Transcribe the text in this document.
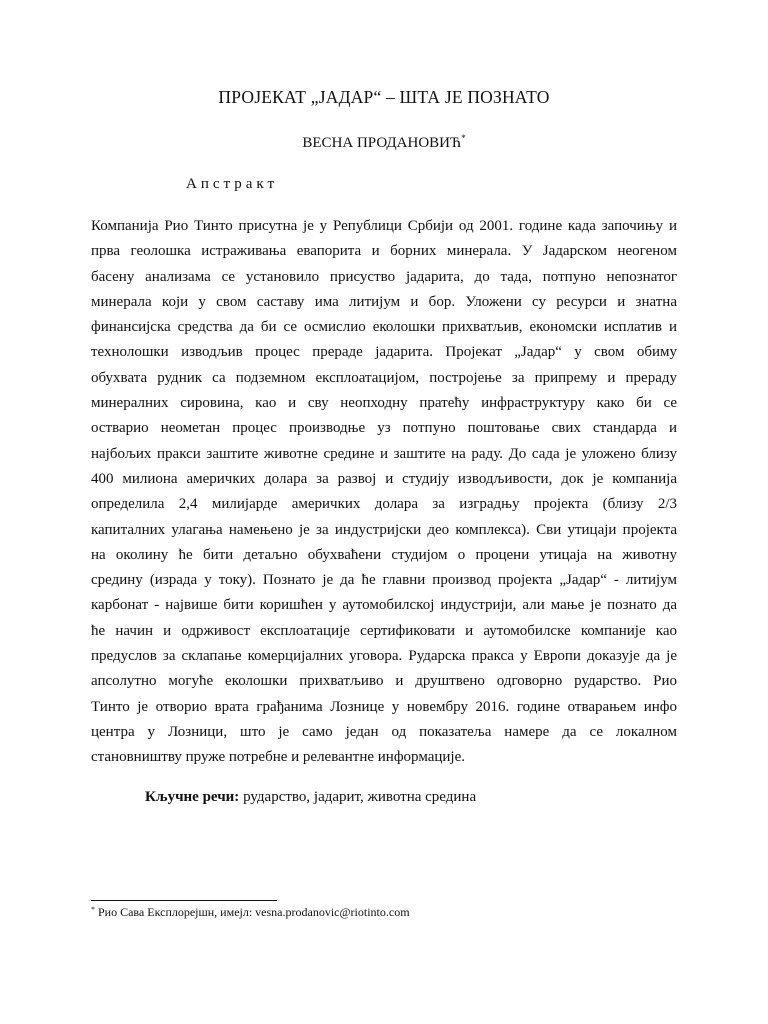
ПРОЈЕКАТ „ЈАДАР“ – ШТА ЈЕ ПОЗНАТО
ВЕСНА ПРОДАНОВИЋ*
Апстракт
Компанија Рио Тинто присутна је у Републици Србији од 2001. године када започињу и
прва геолошка истраживања евапорита и борних минерала. У Јадарском неогеном
басену анализама се установило присуство јадарита, до тада, потпуно непознатог
минерала који у свом саставу има литијум и бор. Уложени су ресурси и знатна
финансијска средства да би се осмислио еколошки прихватљив, економски исплатив и
технолошки изводљив процес прераде јадарита. Пројекат „Јадар“ у свом обиму
обухвата рудник са подземном експлоатацијом, постројење за припрему и прераду
минералних сировина, као и сву неопходну пратећу инфраструктуру како би се
остварио неометан процес производње уз потпуно поштовање свих стандарда и
најбољих пракси заштите животне средине и заштите на раду. До сада је уложено близу
400 милиона америчких долара за развој и студију изводљивости, док је компанија
определила 2,4 милијарде америчких долара за изградњу пројекта (близу 2/3
капиталних улагања намењено је за индустријски део комплекса). Сви утицаји пројекта
на околину ће бити детаљно обухваћени студијом о процени утицаја на животну
средину (израда у току). Познато је да ће главни производ пројекта „Јадар“ - литијум
карбонат - највише бити коришћен у аутомобилској индустрији, али мање је познато да
ће начин и одрживост експлоатације сертификовати и аутомобилске компаније као
предуслов за склапање комерцијалних уговора. Рударска пракса у Европи доказује да је
апсолутно могуће еколошки прихватљиво и друштвено одговорно рударство. Рио
Тинто је отворио врата грађанима Лознице у новембру 2016. године отварањем инфо
центра у Лозници, што је само један од показатеља намере да се локалном
становништву пруже потребне и релевантне информације.
Кључне речи: рударство, јадарит, животна средина
* Рио Сава Експлорејшн, имејл: vesna.prodanovic@riotinto.com
